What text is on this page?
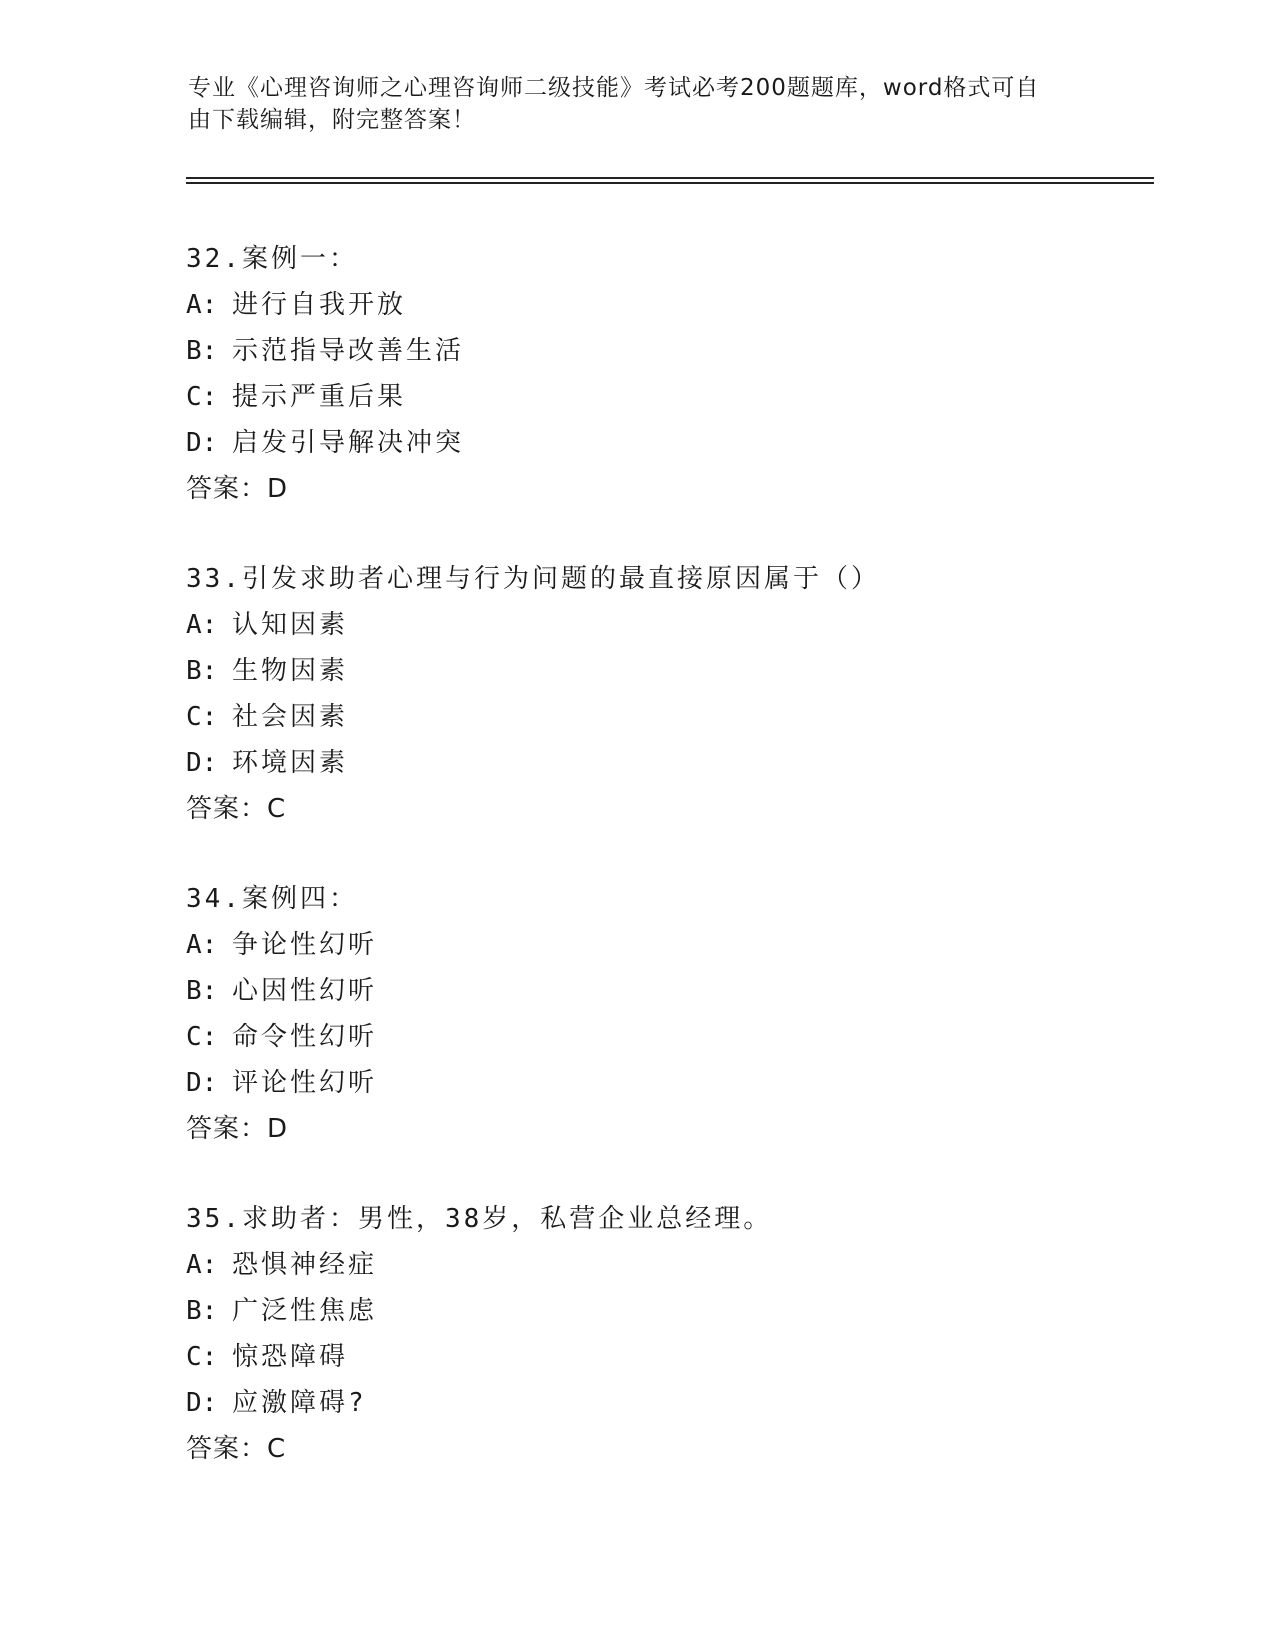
专业《心理咨询师之心理咨询师二级技能》考试必考200题题库，word格式可自
由下载编辑，附完整答案！
32.案例一：
A: 进行自我开放
B: 示范指导改善生活
C: 提示严重后果
D: 启发引导解决冲突
答案：D
33.引发求助者心理与行为问题的最直接原因属于（）
A: 认知因素
B: 生物因素
C: 社会因素
D: 环境因素
答案：C
34.案例四：
A: 争论性幻听
B: 心因性幻听
C: 命令性幻听
D: 评论性幻听
答案：D
35.求助者：男性，38岁，私营企业总经理。
A: 恐惧神经症
B: 广泛性焦虑
C: 惊恐障碍
D: 应激障碍?
答案：C
